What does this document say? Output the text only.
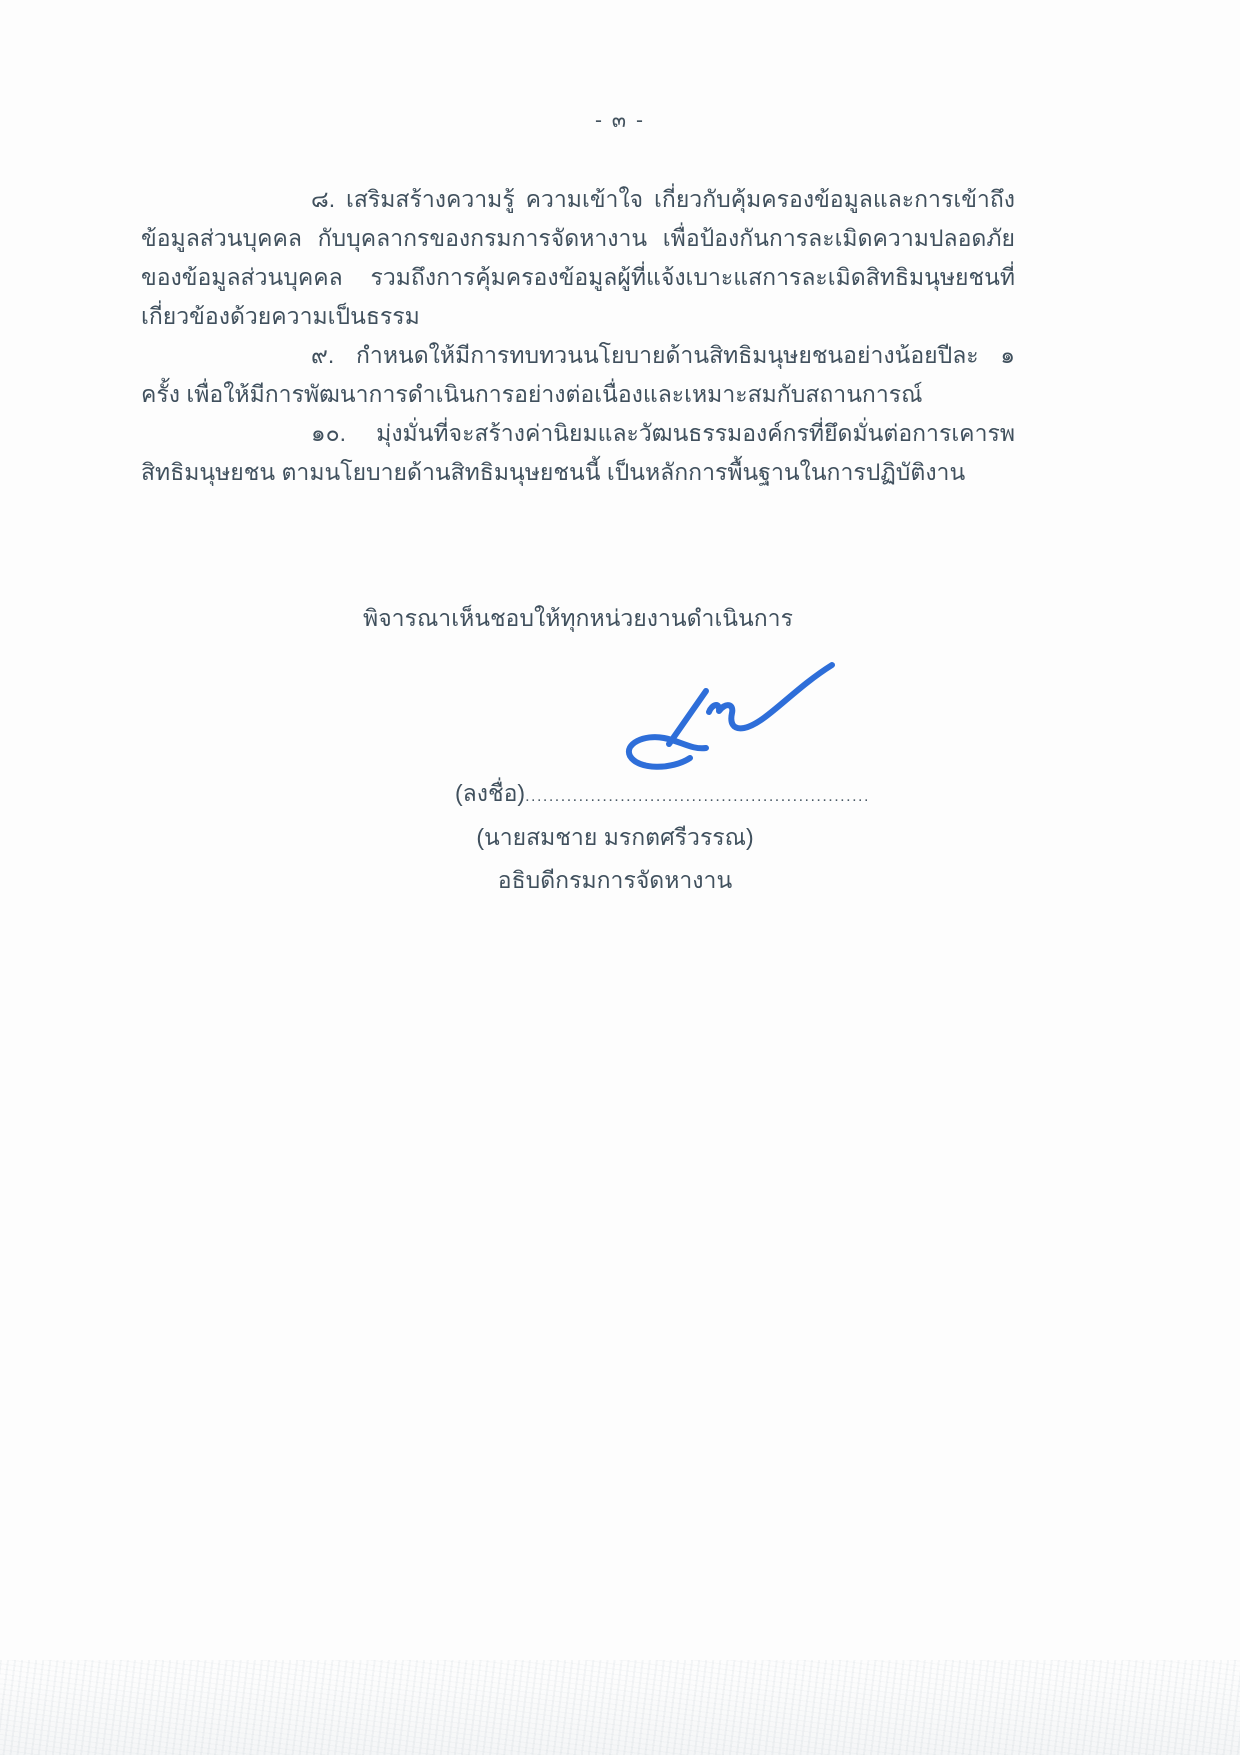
- ๓ -

๘. เสริมสร้างความรู้ ความเข้าใจ เกี่ยวกับคุ้มครองข้อมูลและการเข้าถึงข้อมูลส่วนบุคคล กับบุคลากรของกรมการจัดหางาน เพื่อป้องกันการละเมิดความปลอดภัยของข้อมูลส่วนบุคคล รวมถึงการคุ้มครองข้อมูลผู้ที่แจ้งเบาะแสการละเมิดสิทธิมนุษยชนที่เกี่ยวข้องด้วยความเป็นธรรม

๙. กำหนดให้มีการทบทวนนโยบายด้านสิทธิมนุษยชนอย่างน้อยปีละ ๑ ครั้ง เพื่อให้มีการพัฒนาการดำเนินการอย่างต่อเนื่องและเหมาะสมกับสถานการณ์

๑๐. มุ่งมั่นที่จะสร้างค่านิยมและวัฒนธรรมองค์กรที่ยึดมั่นต่อการเคารพสิทธิมนุษยชน ตามนโยบายด้านสิทธิมนุษยชนนี้ เป็นหลักการพื้นฐานในการปฏิบัติงาน

พิจารณาเห็นชอบให้ทุกหน่วยงานดำเนินการ
(ลงชื่อ)..........................................................
(นายสมชาย มรกตศรีวรรณ)
อธิบดีกรมการจัดหางาน
